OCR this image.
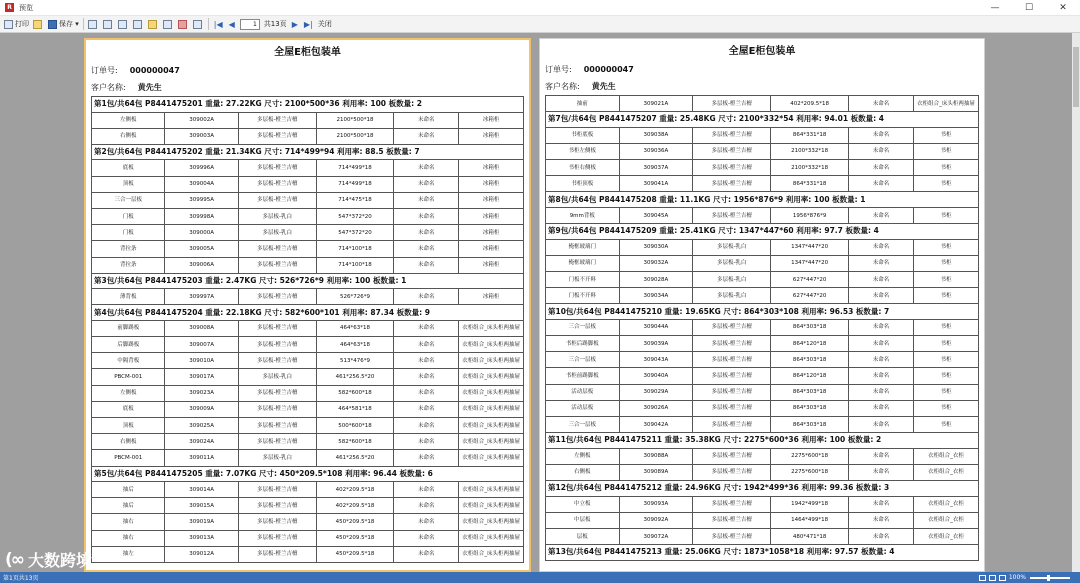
R	预览	—	☐	✕
打印	保存 ▾	|◀ ◀	1	共13页 ▶ ▶| 关闭
全屋E柜包装单
订单号: 000000047
客户名称: 黄先生
第1包/共64包 P8441475201 重量: 27.22KG 尺寸: 2100*500*36 利用率: 100 板数量: 2					
左侧板	309002A	多层板-橙兰吉檀	2100*500*18	未命名	冰箱柜
右侧板	309003A	多层板-橙兰吉檀	2100*500*18	未命名	冰箱柜
第2包/共64包 P8441475202 重量: 21.34KG 尺寸: 714*499*94 利用率: 88.5 板数量: 7					
底板	309996A	多层板-橙兰吉檀	714*499*18	未命名	冰箱柜
顶板	309004A	多层板-橙兰吉檀	714*499*18	未命名	冰箱柜
三合一层板	309995A	多层板-橙兰吉檀	714*475*18	未命名	冰箱柜
门板	309998A	多层板-乳白	547*372*20	未命名	冰箱柜
门板	309000A	多层板-乳白	547*372*20	未命名	冰箱柜
背拉条	309005A	多层板-橙兰吉檀	714*100*18	未命名	冰箱柜
背拉条	309006A	多层板-橙兰吉檀	714*100*18	未命名	冰箱柜
第3包/共64包 P8441475203 重量: 2.47KG 尺寸: 526*726*9 利用率: 100 板数量: 1					
薄背板	309997A	多层板-橙兰吉檀	526*726*9	未命名	冰箱柜
第4包/共64包 P8441475204 重量: 22.18KG 尺寸: 582*600*101 利用率: 87.34 板数量: 9					
前脚踢板	309008A	多层板-橙兰吉檀	464*63*18	未命名	衣柜组合_床头柜两抽屉
后脚踢板	309007A	多层板-橙兰吉檀	464*63*18	未命名	衣柜组合_床头柜两抽屉
中隔背板	309010A	多层板-橙兰吉檀	513*476*9	未命名	衣柜组合_床头柜两抽屉
PBCM-001	309017A	多层板-乳白	461*256.5*20	未命名	衣柜组合_床头柜两抽屉
左侧板	309023A	多层板-橙兰吉檀	582*600*18	未命名	衣柜组合_床头柜两抽屉
底板	309009A	多层板-橙兰吉檀	464*581*18	未命名	衣柜组合_床头柜两抽屉
顶板	309025A	多层板-橙兰吉檀	500*600*18	未命名	衣柜组合_床头柜两抽屉
右侧板	309024A	多层板-橙兰吉檀	582*600*18	未命名	衣柜组合_床头柜两抽屉
PBCM-001	309011A	多层板-乳白	461*256.5*20	未命名	衣柜组合_床头柜两抽屉
第5包/共64包 P8441475205 重量: 7.07KG 尺寸: 450*209.5*108 利用率: 96.44 板数量: 6					
抽后	309014A	多层板-橙兰吉檀	402*209.5*18	未命名	衣柜组合_床头柜两抽屉
抽后	309015A	多层板-橙兰吉檀	402*209.5*18	未命名	衣柜组合_床头柜两抽屉
抽右	309019A	多层板-橙兰吉檀	450*209.5*18	未命名	衣柜组合_床头柜两抽屉
抽右	309013A	多层板-橙兰吉檀	450*209.5*18	未命名	衣柜组合_床头柜两抽屉
抽左	309012A	多层板-橙兰吉檀	450*209.5*18	未命名	衣柜组合_床头柜两抽屉
全屋E柜包装单
订单号: 000000047
客户名称: 黄先生
抽前	309021A	多层板-橙兰吉檀	402*209.5*18	未命名	衣柜组合_床头柜两抽屉
第7包/共64包 P8441475207 重量: 25.48KG 尺寸: 2100*332*54 利用率: 94.01 板数量: 4					
书柜底板	309038A	多层板-橙兰吉檀	864*331*18	未命名	书柜
书柜左侧板	309036A	多层板-橙兰吉檀	2100*332*18	未命名	书柜
书柜右侧板	309037A	多层板-橙兰吉檀	2100*332*18	未命名	书柜
书柜顶板	309041A	多层板-橙兰吉檀	864*331*18	未命名	书柜
第8包/共64包 P8441475208 重量: 11.1KG 尺寸: 1956*876*9 利用率: 100 板数量: 1					
9mm背板	309045A	多层板-橙兰吉檀	1956*876*9	未命名	书柜
第9包/共64包 P8441475209 重量: 25.41KG 尺寸: 1347*447*60 利用率: 97.7 板数量: 4					
掩框玻璃门	309030A	多层板-乳白	1347*447*20	未命名	书柜
掩框玻璃门	309032A	多层板-乳白	1347*447*20	未命名	书柜
门板不开料	309028A	多层板-乳白	627*447*20	未命名	书柜
门板不开料	309034A	多层板-乳白	627*447*20	未命名	书柜
第10包/共64包 P8441475210 重量: 19.65KG 尺寸: 864*303*108 利用率: 96.53 板数量: 7					
三合一层板	309044A	多层板-橙兰吉檀	864*303*18	未命名	书柜
书柜后踢脚板	309039A	多层板-橙兰吉檀	864*120*18	未命名	书柜
三合一层板	309043A	多层板-橙兰吉檀	864*303*18	未命名	书柜
书柜前踢脚板	309040A	多层板-橙兰吉檀	864*120*18	未命名	书柜
活动层板	309029A	多层板-橙兰吉檀	864*303*18	未命名	书柜
活动层板	309026A	多层板-橙兰吉檀	864*303*18	未命名	书柜
三合一层板	309042A	多层板-橙兰吉檀	864*303*18	未命名	书柜
第11包/共64包 P8441475211 重量: 35.38KG 尺寸: 2275*600*36 利用率: 100 板数量: 2					
左侧板	309088A	多层板-橙兰吉檀	2275*600*18	未命名	衣柜组合_衣柜
右侧板	309089A	多层板-橙兰吉檀	2275*600*18	未命名	衣柜组合_衣柜
第12包/共64包 P8441475212 重量: 24.96KG 尺寸: 1942*499*36 利用率: 99.36 板数量: 3					
中立板	309093A	多层板-橙兰吉檀	1942*499*18	未命名	衣柜组合_衣柜
中层板	309092A	多层板-橙兰吉檀	1464*499*18	未命名	衣柜组合_衣柜
层板	309072A	多层板-橙兰吉檀	480*471*18	未命名	衣柜组合_衣柜
第13包/共64包 P8441475213 重量: 25.06KG 尺寸: 1873*1058*18 利用率: 97.57 板数量: 4					
(∞ 大数跨境
第1页共13页	100%
